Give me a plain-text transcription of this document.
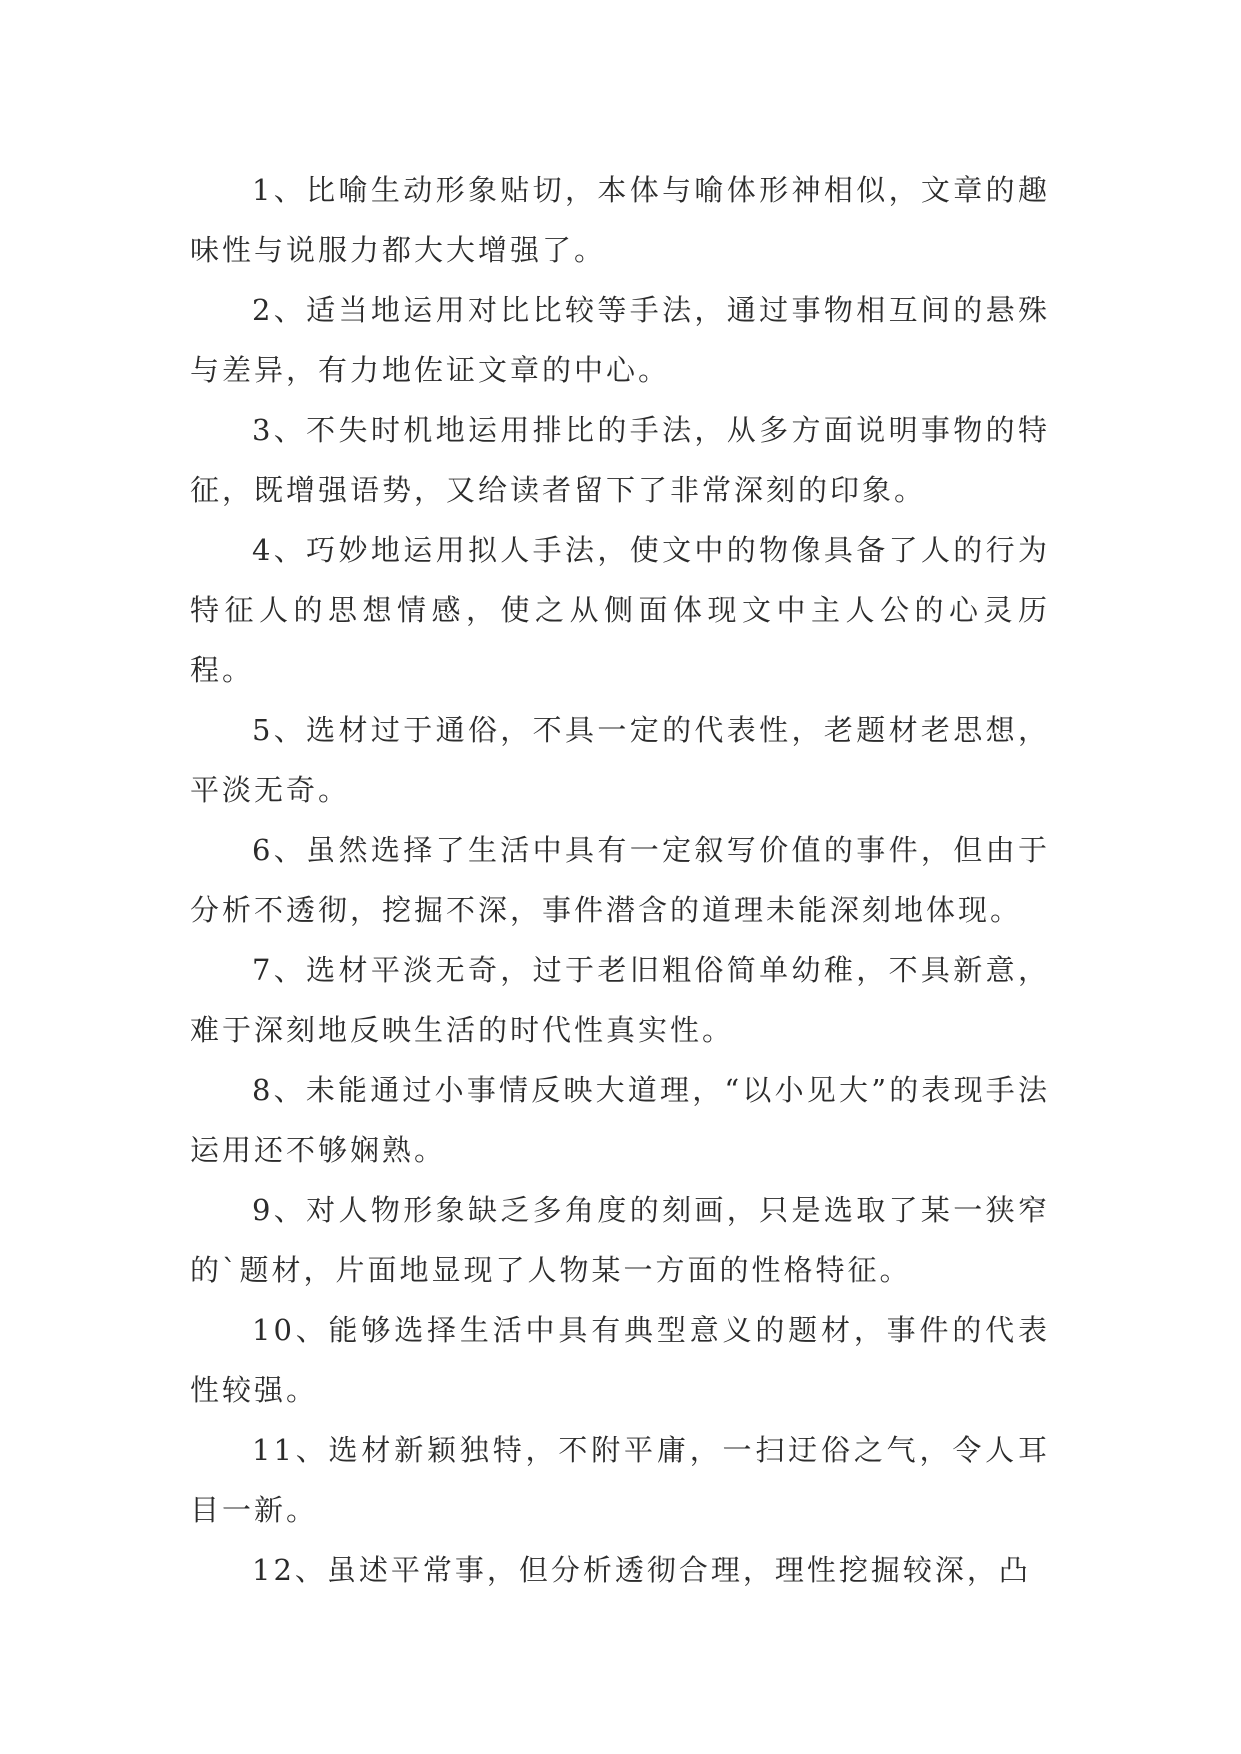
1、比喻生动形象贴切，本体与喻体形神相似，文章的趣味性与说服力都大大增强了。

2、适当地运用对比比较等手法，通过事物相互间的悬殊与差异，有力地佐证文章的中心。

3、不失时机地运用排比的手法，从多方面说明事物的特征，既增强语势，又给读者留下了非常深刻的印象。

4、巧妙地运用拟人手法，使文中的物像具备了人的行为特征人的思想情感，使之从侧面体现文中主人公的心灵历程。

5、选材过于通俗，不具一定的代表性，老题材老思想，平淡无奇。

6、虽然选择了生活中具有一定叙写价值的事件，但由于分析不透彻，挖掘不深，事件潜含的道理未能深刻地体现。

7、选材平淡无奇，过于老旧粗俗简单幼稚，不具新意，难于深刻地反映生活的时代性真实性。

8、未能通过小事情反映大道理，“以小见大”的表现手法运用还不够娴熟。

9、对人物形象缺乏多角度的刻画，只是选取了某一狭窄的`题材，片面地显现了人物某一方面的性格特征。

10、能够选择生活中具有典型意义的题材，事件的代表性较强。

11、选材新颖独特，不附平庸，一扫迂俗之气，令人耳目一新。

12、虽述平常事，但分析透彻合理，理性挖掘较深，凸
